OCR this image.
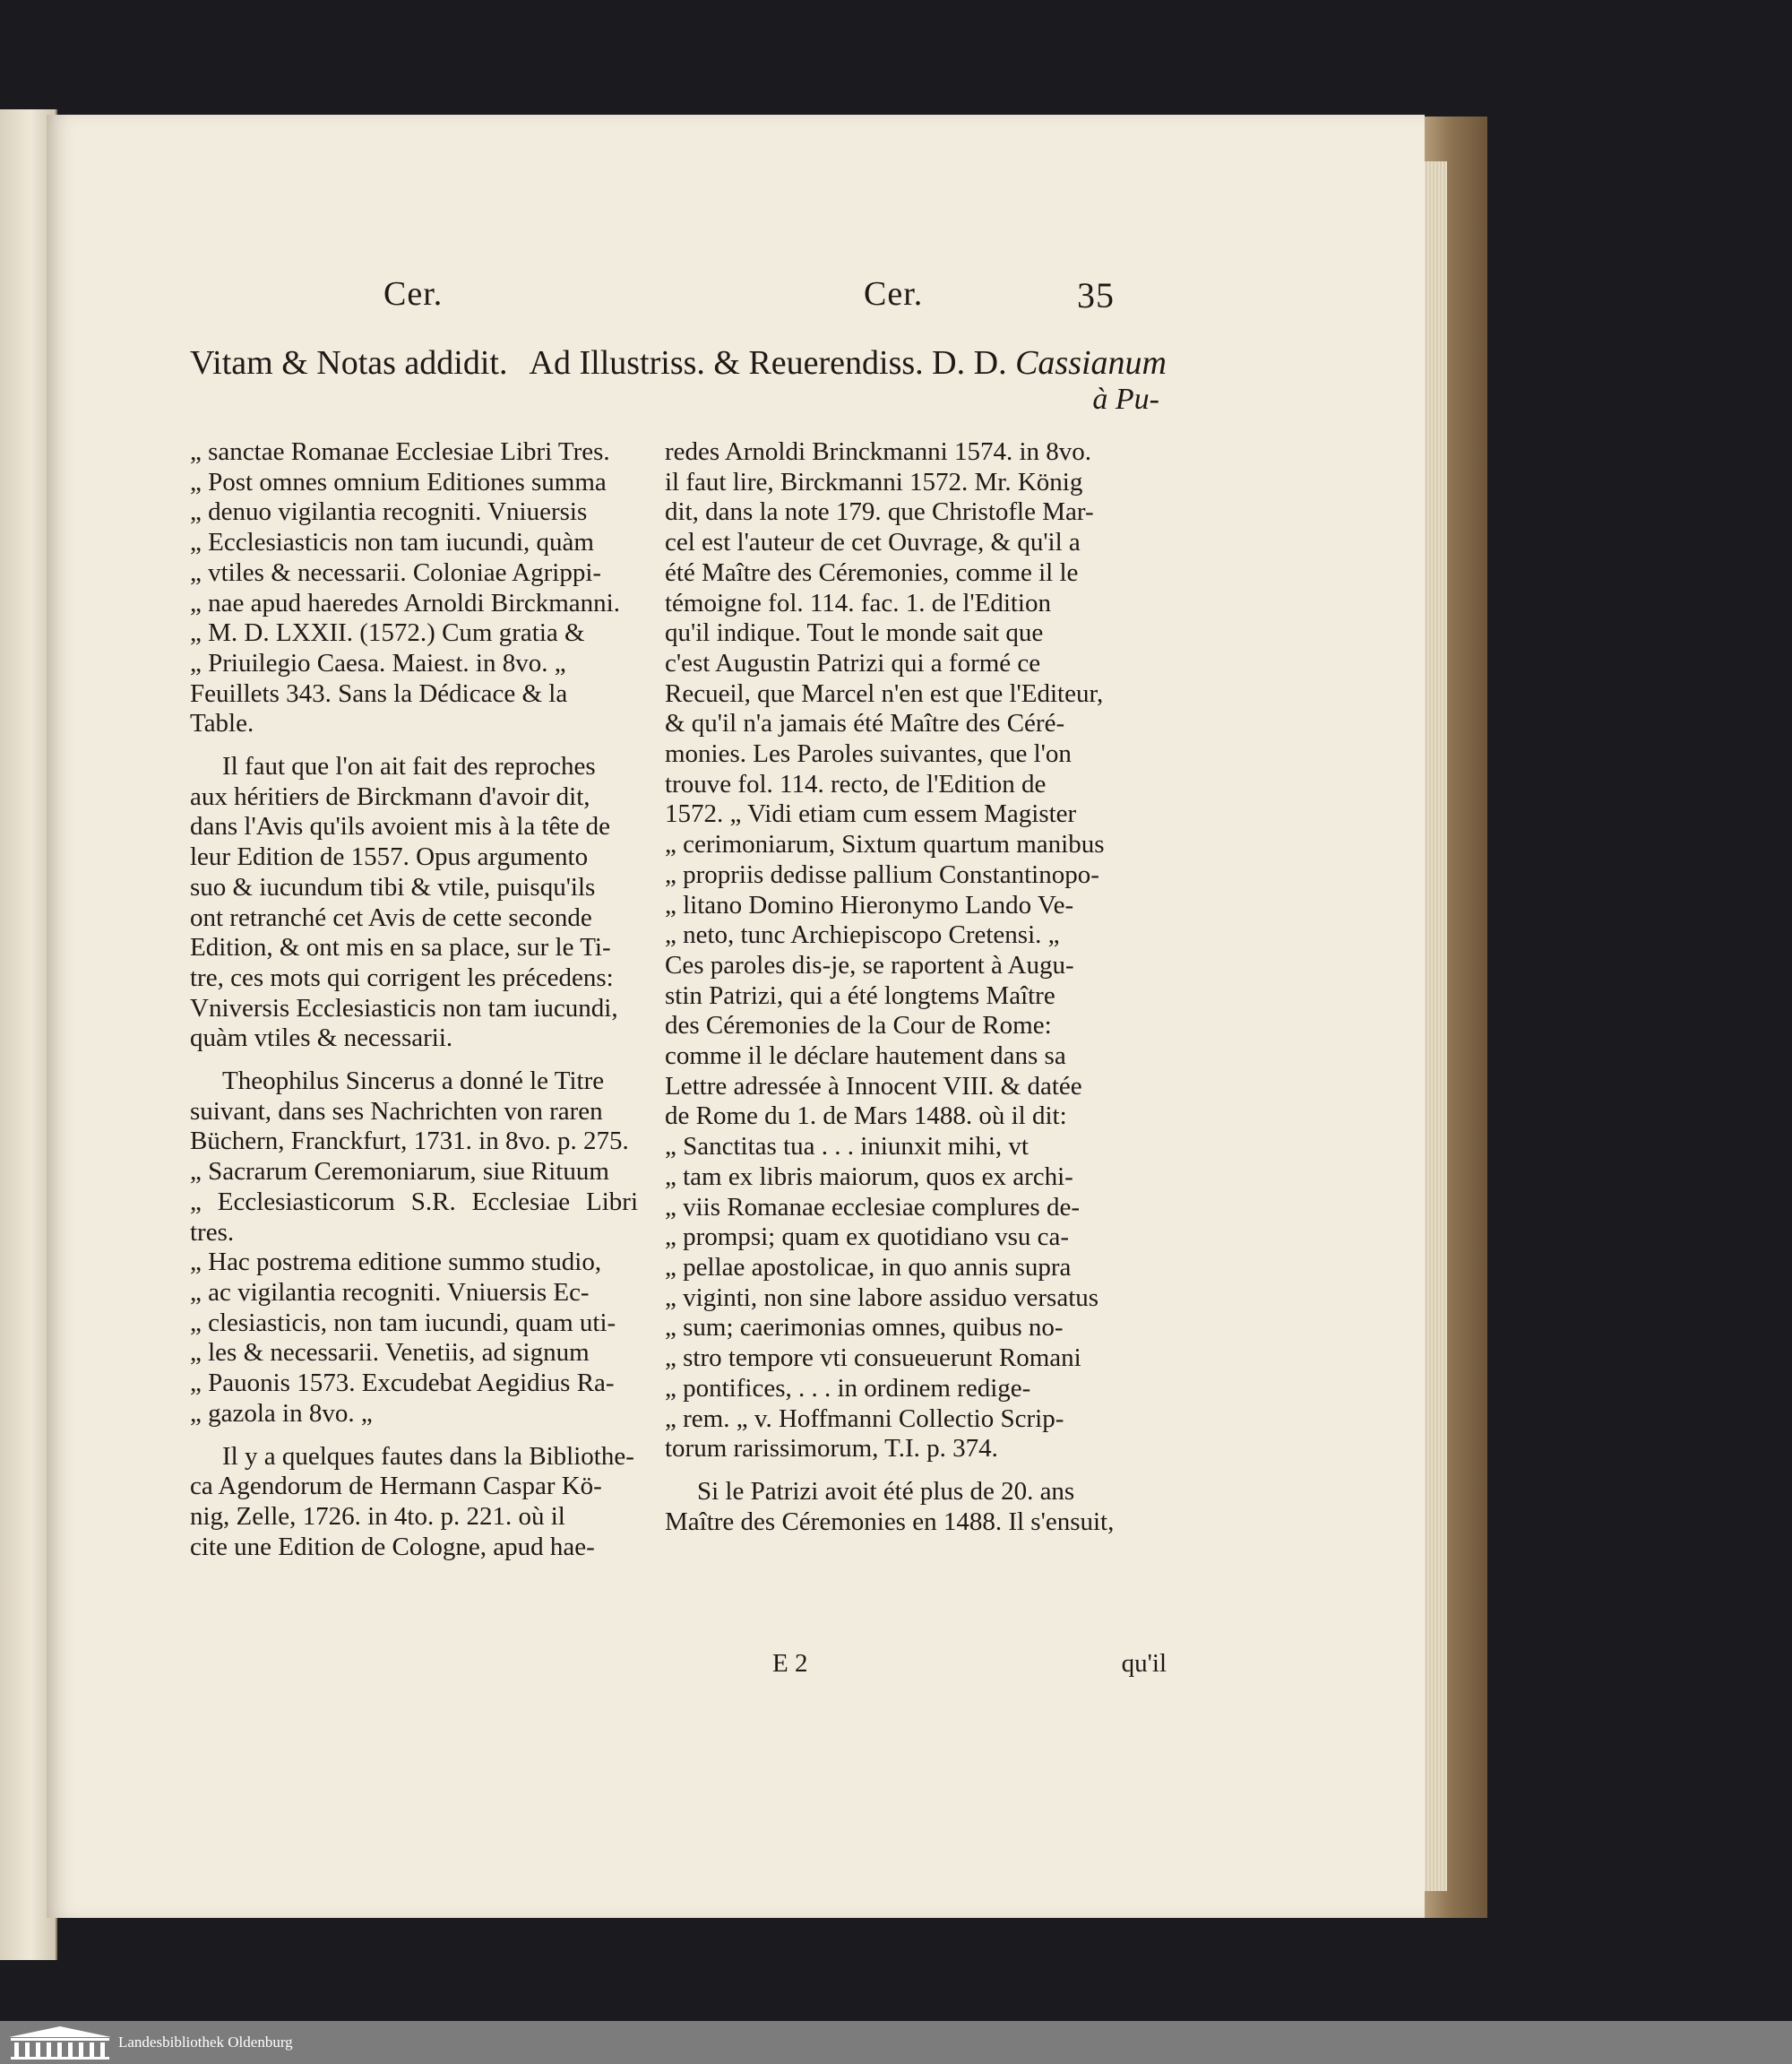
Cer.	Cer.	35
Vitam & Notas addidit. Ad Illustriss. & Reuerendiss. D. D. Cassianum
à Pu-

„ sanctae Romanae Ecclesiae Libri Tres.

„ Post omnes omnium Editiones summa

„ denuo vigilantia recogniti. Vniuersis

„ Ecclesiasticis non tam iucundi, quàm

„ vtiles & necessarii. Coloniae Agrippi-

„ nae apud haeredes Arnoldi Birckmanni.

„ M. D. LXXII. (1572.) Cum gratia &

„ Priuilegio Caesa. Maiest. in 8vo. „

Feuillets 343. Sans la Dédicace & la

Table.

Il faut que l'on ait fait des reproches

aux héritiers de Birckmann d'avoir dit,

dans l'Avis qu'ils avoient mis à la tête de

leur Edition de 1557. Opus argumento

suo & iucundum tibi & vtile, puisqu'ils

ont retranché cet Avis de cette seconde

Edition, & ont mis en sa place, sur le Ti-

tre, ces mots qui corrigent les précedens:

Vniversis Ecclesiasticis non tam iucundi,

quàm vtiles & necessarii.

Theophilus Sincerus a donné le Titre

suivant, dans ses Nachrichten von raren

Büchern, Franckfurt, 1731. in 8vo. p. 275.

„ Sacrarum Ceremoniarum, siue Rituum

„ Ecclesiasticorum S.R. Ecclesiae Libri tres.

„ Hac postrema editione summo studio,

„ ac vigilantia recogniti. Vniuersis Ec-

„ clesiasticis, non tam iucundi, quam uti-

„ les & necessarii. Venetiis, ad signum

„ Pauonis 1573. Excudebat Aegidius Ra-

„ gazola in 8vo. „

Il y a quelques fautes dans la Bibliothe-

ca Agendorum de Hermann Caspar Kö-

nig, Zelle, 1726. in 4to. p. 221. où il

cite une Edition de Cologne, apud hae-

redes Arnoldi Brinckmanni 1574. in 8vo.

il faut lire, Birckmanni 1572. Mr. König

dit, dans la note 179. que Christofle Mar-

cel est l'auteur de cet Ouvrage, & qu'il a

été Maître des Céremonies, comme il le

témoigne fol. 114. fac. 1. de l'Edition

qu'il indique. Tout le monde sait que

c'est Augustin Patrizi qui a formé ce

Recueil, que Marcel n'en est que l'Editeur,

& qu'il n'a jamais été Maître des Céré-

monies. Les Paroles suivantes, que l'on

trouve fol. 114. recto, de l'Edition de

1572. „ Vidi etiam cum essem Magister

„ cerimoniarum, Sixtum quartum manibus

„ propriis dedisse pallium Constantinopo-

„ litano Domino Hieronymo Lando Ve-

„ neto, tunc Archiepiscopo Cretensi. „

Ces paroles dis-je, se raportent à Augu-

stin Patrizi, qui a été longtems Maître

des Céremonies de la Cour de Rome:

comme il le déclare hautement dans sa

Lettre adressée à Innocent VIII. & datée

de Rome du 1. de Mars 1488. où il dit:

„ Sanctitas tua . . . iniunxit mihi, vt

„ tam ex libris maiorum, quos ex archi-

„ viis Romanae ecclesiae complures de-

„ prompsi; quam ex quotidiano vsu ca-

„ pellae apostolicae, in quo annis supra

„ viginti, non sine labore assiduo versatus

„ sum; caerimonias omnes, quibus no-

„ stro tempore vti consueuerunt Romani

„ pontifices, . . . in ordinem redige-

„ rem. „ v. Hoffmanni Collectio Scrip-

torum rarissimorum, T.I. p. 374.

Si le Patrizi avoit été plus de 20. ans

Maître des Céremonies en 1488. Il s'ensuit,

E 2	qu'il
Landesbibliothek Oldenburg
